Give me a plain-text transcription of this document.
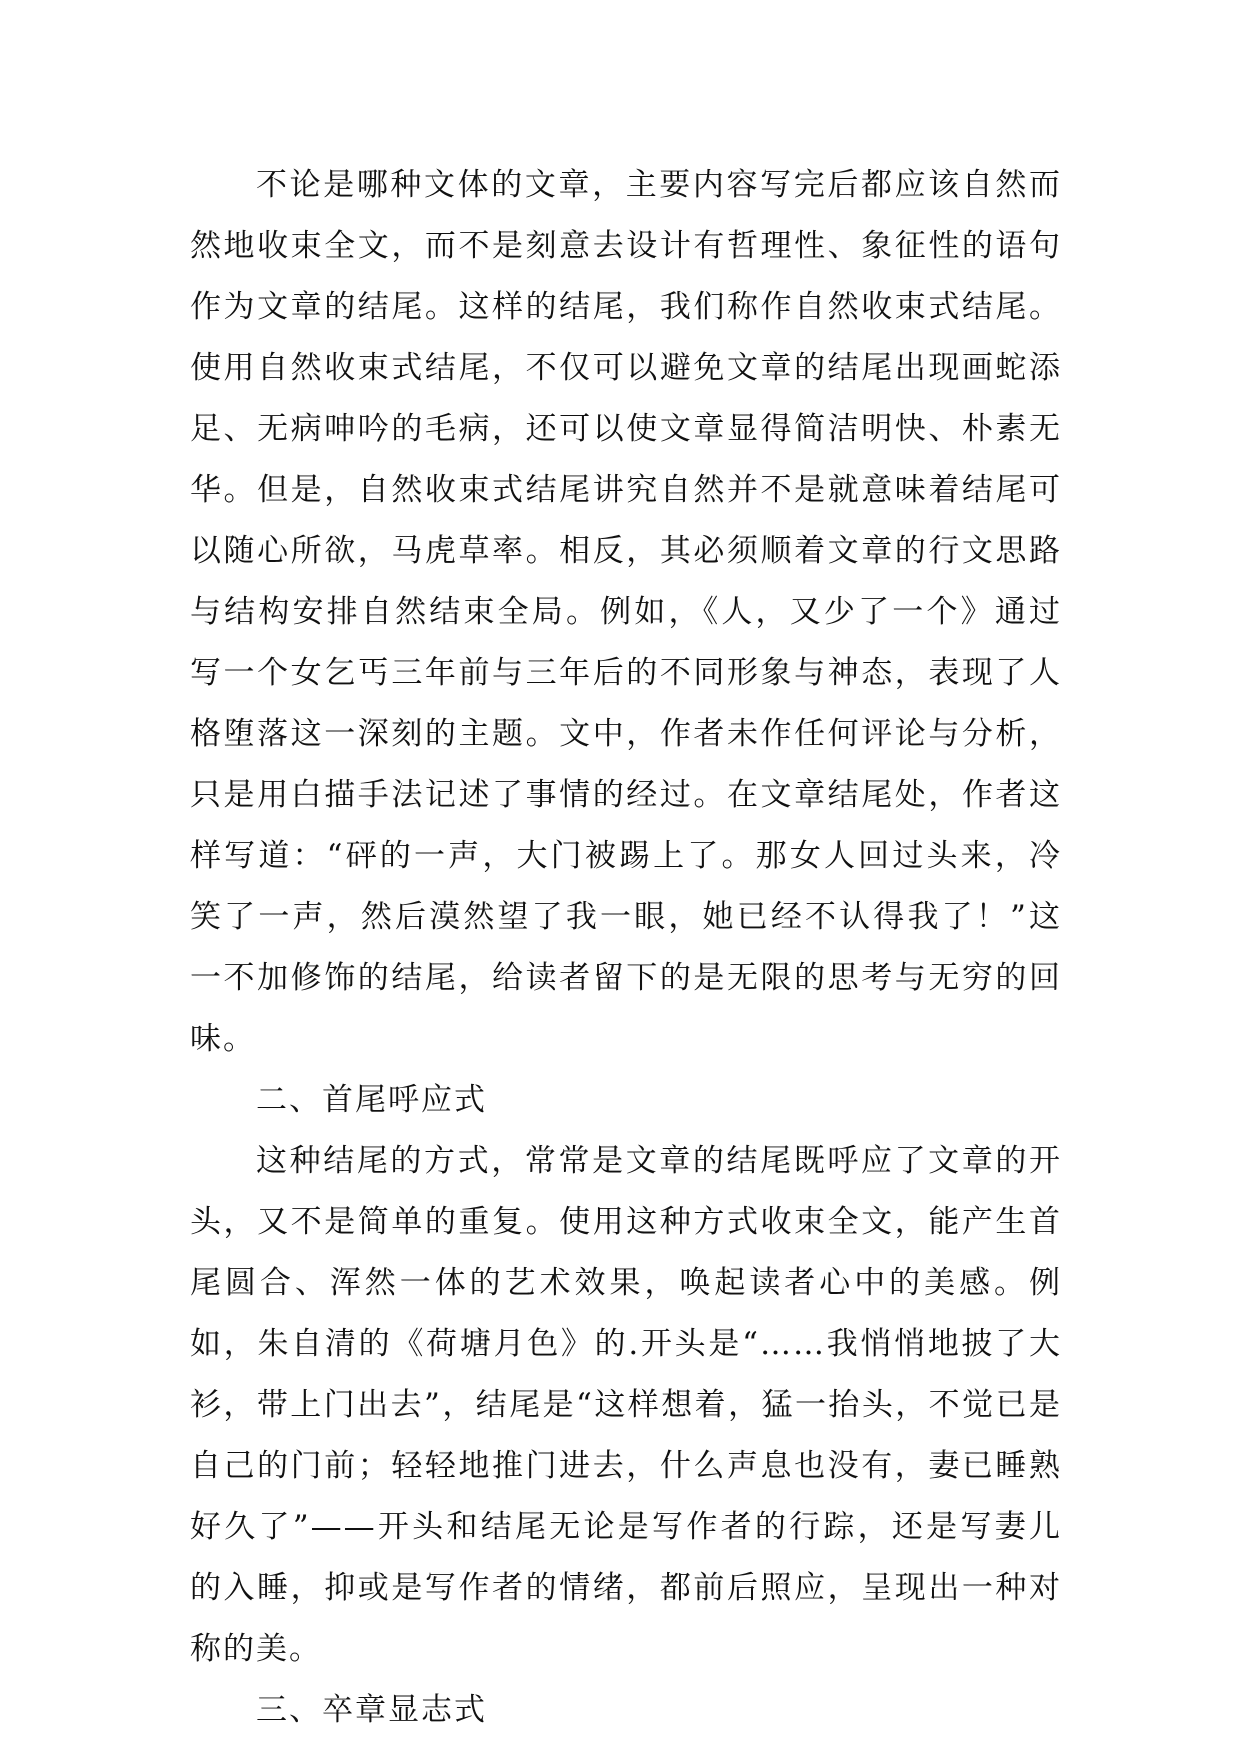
不论是哪种文体的文章，主要内容写完后都应该自然而然地收束全文，而不是刻意去设计有哲理性、象征性的语句作为文章的结尾。这样的结尾，我们称作自然收束式结尾。使用自然收束式结尾，不仅可以避免文章的结尾出现画蛇添足、无病呻吟的毛病，还可以使文章显得简洁明快、朴素无华。但是，自然收束式结尾讲究自然并不是就意味着结尾可以随心所欲，马虎草率。相反，其必须顺着文章的行文思路与结构安排自然结束全局。例如，《人，又少了一个》通过写一个女乞丐三年前与三年后的不同形象与神态，表现了人格堕落这一深刻的主题。文中，作者未作任何评论与分析，只是用白描手法记述了事情的经过。在文章结尾处，作者这样写道：“砰的一声，大门被踢上了。那女人回过头来，冷笑了一声，然后漠然望了我一眼，她已经不认得我了！”这一不加修饰的结尾，给读者留下的是无限的思考与无穷的回味。

二、首尾呼应式

这种结尾的方式，常常是文章的结尾既呼应了文章的开头，又不是简单的重复。使用这种方式收束全文，能产生首尾圆合、浑然一体的艺术效果，唤起读者心中的美感。例如，朱自清的《荷塘月色》的.开头是“……我悄悄地披了大衫，带上门出去”，结尾是“这样想着，猛一抬头，不觉已是自己的门前；轻轻地推门进去，什么声息也没有，妻已睡熟好久了”——开头和结尾无论是写作者的行踪，还是写妻儿的入睡，抑或是写作者的情绪，都前后照应，呈现出一种对称的美。

三、卒章显志式
